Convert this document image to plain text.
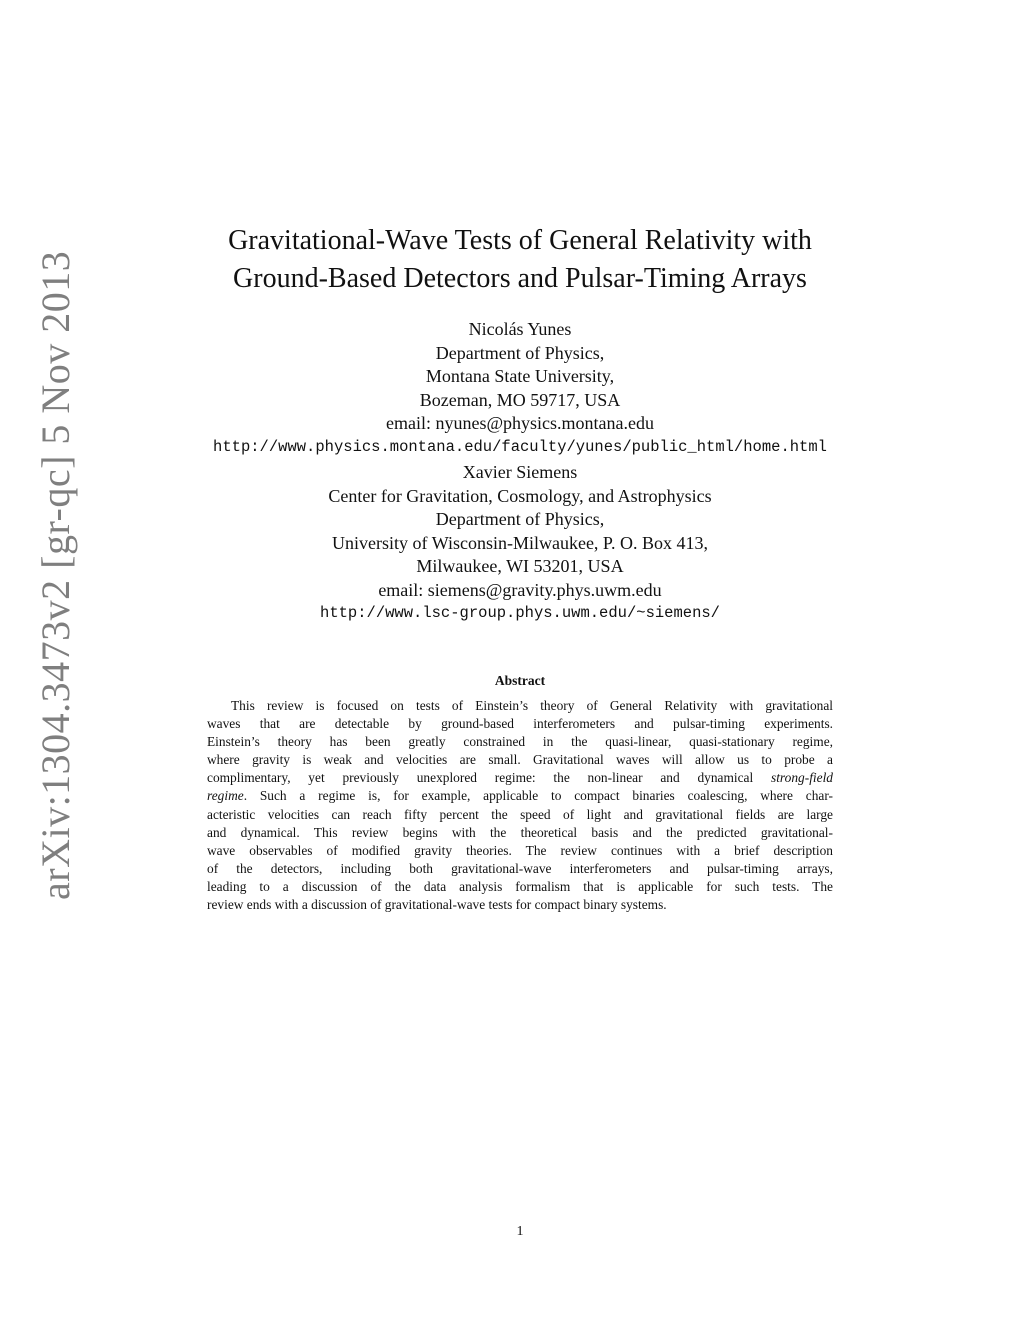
arXiv:1304.3473v2 [gr-qc] 5 Nov 2013
Gravitational-Wave Tests of General Relativity with
Ground-Based Detectors and Pulsar-Timing Arrays
Nicolás Yunes
Department of Physics,
Montana State University,
Bozeman, MO 59717, USA
email: nyunes@physics.montana.edu
http://www.physics.montana.edu/faculty/yunes/public_html/home.html
Xavier Siemens
Center for Gravitation, Cosmology, and Astrophysics
Department of Physics,
University of Wisconsin-Milwaukee, P. O. Box 413,
Milwaukee, WI 53201, USA
email: siemens@gravity.phys.uwm.edu
http://www.lsc-group.phys.uwm.edu/~siemens/
Abstract
This review is focused on tests of Einstein’s theory of General Relativity with gravitational
waves that are detectable by ground-based interferometers and pulsar-timing experiments.
Einstein’s theory has been greatly constrained in the quasi-linear, quasi-stationary regime,
where gravity is weak and velocities are small. Gravitational waves will allow us to probe a
complimentary, yet previously unexplored regime: the non-linear and dynamical strong-field
regime. Such a regime is, for example, applicable to compact binaries coalescing, where char-
acteristic velocities can reach fifty percent the speed of light and gravitational fields are large
and dynamical. This review begins with the theoretical basis and the predicted gravitational-
wave observables of modified gravity theories. The review continues with a brief description
of the detectors, including both gravitational-wave interferometers and pulsar-timing arrays,
leading to a discussion of the data analysis formalism that is applicable for such tests. The
review ends with a discussion of gravitational-wave tests for compact binary systems.
1
